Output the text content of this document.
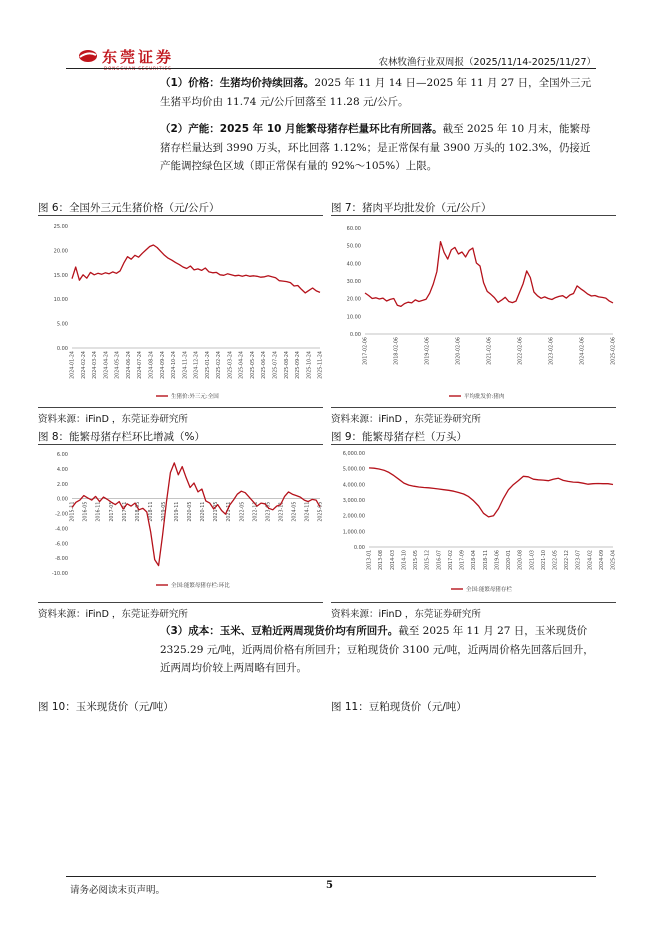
东莞证券	农林牧渔行业双周报（2025/11/14-2025/11/27）

（1）价格：生猪均价持续回落。2025 年 11 月 14 日—2025 年 11 月 27 日，全国外三元生猪平均价由 11.74 元/公斤回落至 11.28 元/公斤。

（2）产能：2025 年 10 月能繁母猪存栏量环比有所回落。截至 2025 年 10 月末，能繁母猪存栏量达到 3990 万头，环比回落 1.12%；是正常保有量 3900 万头的 102.3%，仍接近产能调控绿色区域（即正常保有量的 92%～105%）上限。

图 6：全国外三元生猪价格（元/公斤）
0.00
5.00
10.00
15.00
20.00
25.00
2024-01-24 2024-02-24 2024-03-24 2024-04-24 2024-05-24 2024-06-24 2024-07-24 2024-08-24 2024-09-24 2024-10-24 2024-11-24 2024-12-24 2025-01-24 2025-02-24 2025-03-24 2025-04-24 2025-05-24 2025-06-24 2025-07-24 2025-08-24 2025-09-24 2025-10-24 2025-11-24
生猪价:外三元:全国
资料来源：iFinD ，东莞证券研究所
图 7：猪肉平均批发价（元/公斤）
0.00
10.00
20.00
30.00
40.00
50.00
60.00
2017-02-06	2018-02-06	2019-02-06	2020-02-06	2021-02-06	2022-02-06	2023-02-06	2024-02-06	2025-02-06
平均批发价:猪肉
资料来源：iFinD ，东莞证券研究所
图 8：能繁母猪存栏环比增减（%）
6.00
4.00
2.00
0.00
-2.00
-4.00
-6.00
-8.00
-10.00
2015-11 2016-05 2016-11 2017-05 2017-11 2018-05 2018-11 2019-05 2019-11 2020-05 2020-11 2021-05 2021-11 2022-05 2022-11 2023-05 2023-11 2024-05 2024-11 2025-05
全国:能繁母猪存栏:环比
资料来源：iFinD ，东莞证券研究所
图 9：能繁母猪存栏（万头）
0.00
1,000.00
2,000.00
3,000.00
4,000.00
5,000.00
6,000.00
2013-01 2013-08 2014-03 2014-10 2015-05 2015-12 2016-07 2017-02 2017-09 2018-04 2018-11 2019-06 2020-01 2020-08 2021-03 2021-10 2022-05 2022-12 2023-07 2024-02 2024-09 2025-04
全国:能繁母猪存栏
资料来源：iFinD ，东莞证券研究所

（3）成本：玉米、豆粕近两周现货价均有所回升。截至 2025 年 11 月 27 日，玉米现货价 2325.29 元/吨，近两周价格有所回升；豆粕现货价 3100 元/吨，近两周价格先回落后回升，近两周均价较上两周略有回升。

图 10：玉米现货价（元/吨）	图 11：豆粕现货价（元/吨）
请务必阅读末页声明。	5
